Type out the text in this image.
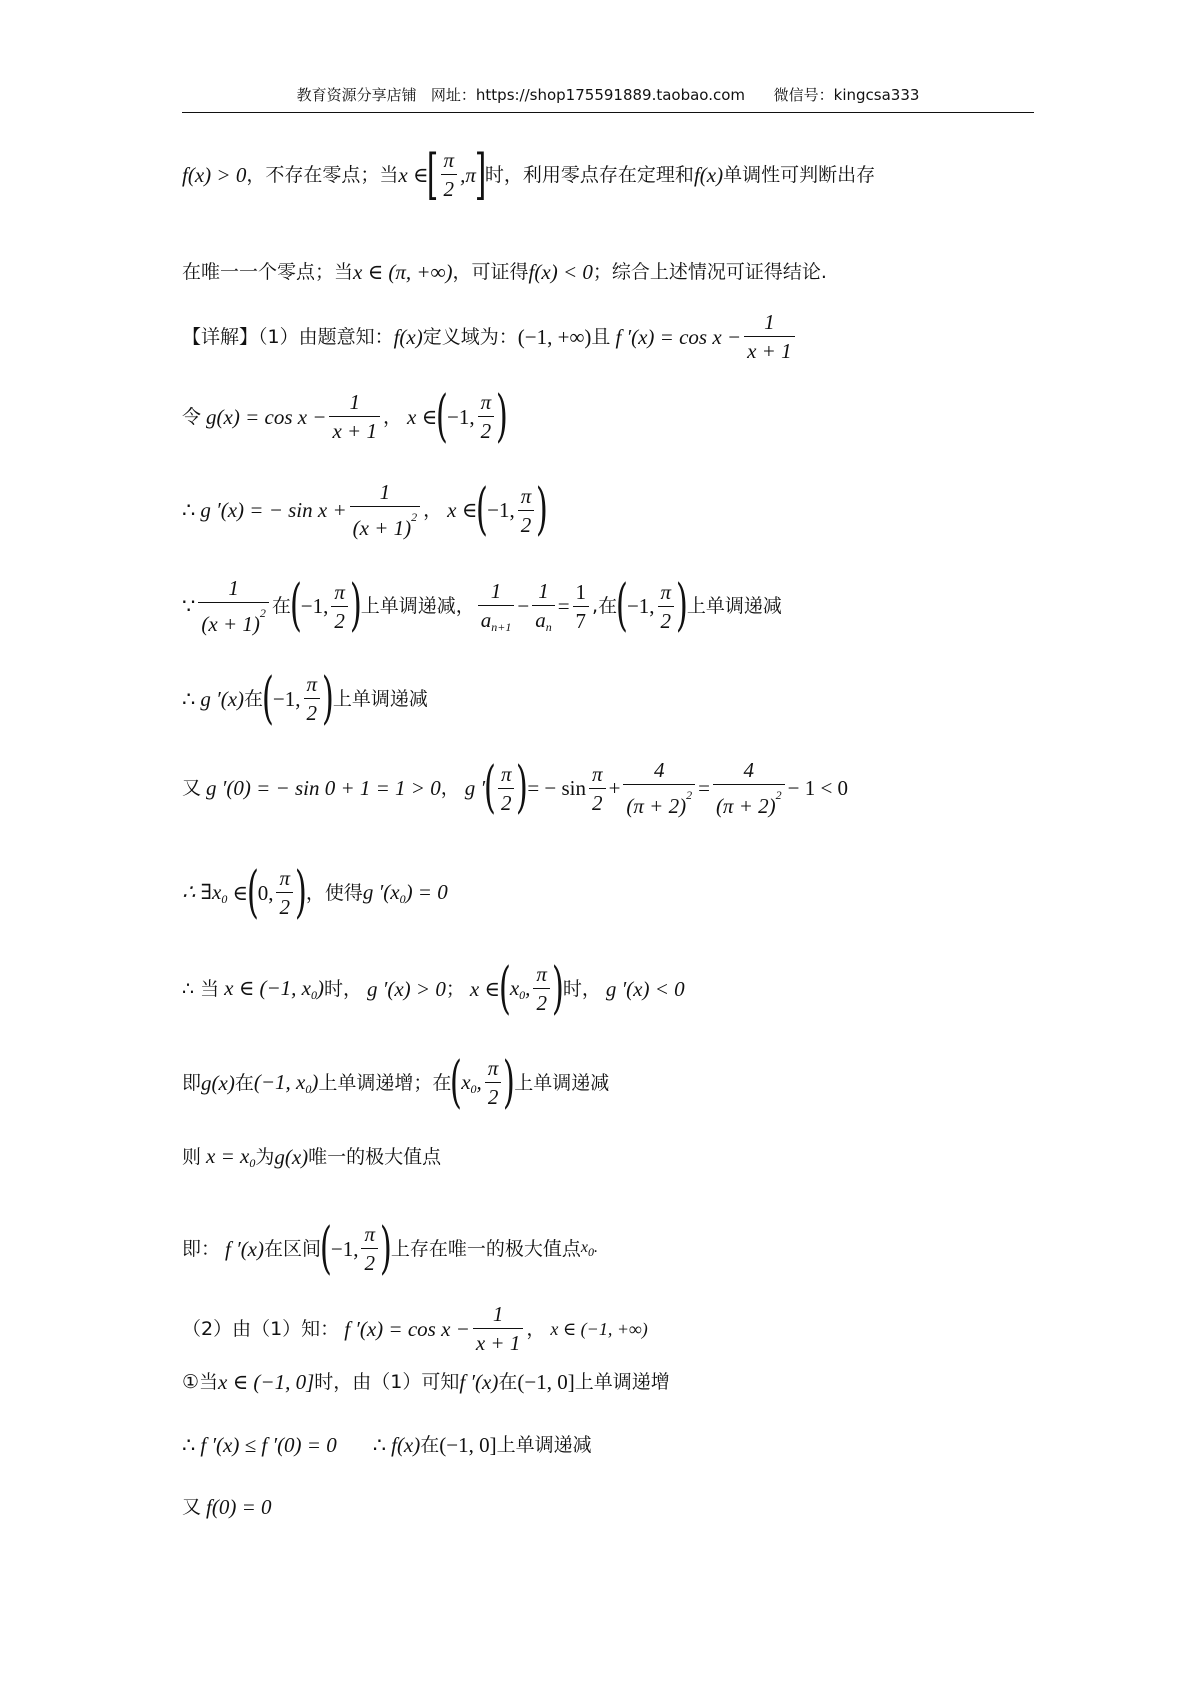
教育资源分享店铺   网址：https://shop175591889.taobao.com      微信号：kingcsa333
f(x) > 0 ，不存在零点；当 x ∈
[ $\frac{\pi}{2} ,\pi$
]
时，利用零点存在定理和 f(x) 单调性可判断出存
在唯一一个零点；当 x ∈ (π, +∞) ，可证得 f(x) < 0 ；综合上述情况可证得结论.
【详解】（1）由题意知： f(x) 定义域为： (−1, +∞) 且 f $'(x) = \cos x - \frac{1}{x + 1}$
令 $g(x) = \cos x - \frac{1}{x + 1}$ ， x ∈
(
−1, $\frac{\pi}{2}$ )
∴ g ′(x) = − $\sin x + \frac{1}{(x + 1)^2}$ ， x ∈
(
−1, $\frac{\pi}{2}$ )
∵ $\frac{1}{(x + 1)^2}$ 在
(
−1, $\frac{\pi}{2}$ )
上单调递减， $\frac{1}{a_{n+1}} - \frac{1}{a_n} = \frac{1}{7}$ ,在
(
−1, $\frac{\pi}{2}$ )
上单调递减
∴ g ′(x) 在
(
−1, $\frac{\pi}{2}$ )
上单调递减
又 g ′(0) = − sin 0 + 1 = 1 > 0 ， g ′
( $\frac{\pi}{2}$ )
= − $\sin \frac{\pi}{2} + \frac{4}{(\pi + 2)^2} = \frac{4}{(\pi + 2)^2} - 1 < 0$
∴ $\exists x_0$ ∈
(
0, $\frac{\pi}{2}$ )
，使得 g $'(x_0) = 0$
∴ 当 x ∈ (−1, $x_0$) 时， g ′(x) > 0 ； x ∈
(
$x_0$, $\frac{\pi}{2}$ )
时， g ′(x) < 0
即 g(x) 在 (−1, $x_0$) 上单调递增；在
(
$x_0$, $\frac{\pi}{2}$ )
上单调递减
则 $x = x_0$ 为 g(x) 唯一的极大值点
即： f ′(x) 在区间
(
−1, $\frac{\pi}{2}$ )
上存在唯一的极大值点 $x_0$.
（2）由（1）知： f $'(x) = \cos x - \frac{1}{x + 1}$ ， x ∈ (−1, +∞)
①当 x ∈ (−1, 0] 时，由（1）可知 f ′(x) 在 (−1, 0] 上单调递增
∴ f ′(x) ≤ f ′(0) = 0 ∴ f(x) 在 (−1, 0] 上单调递减
又 f(0) = 0
